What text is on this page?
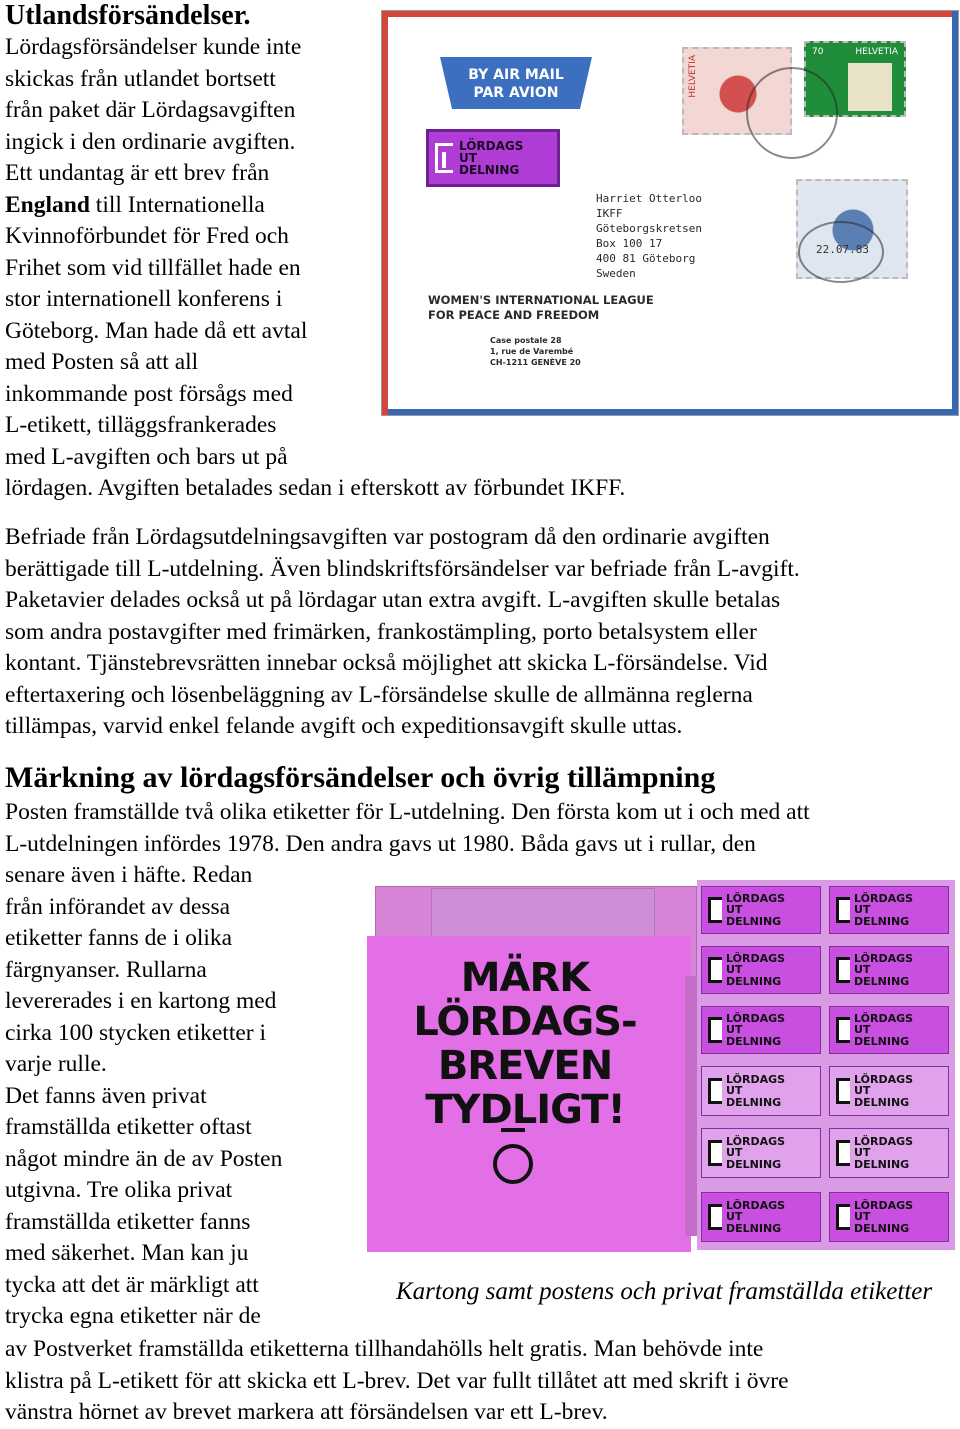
Utlandsförsändelser.
Lördagsförsändelser kunde inte
skickas från utlandet bortsett
från paket där Lördagsavgiften
ingick i den ordinarie avgiften.
Ett undantag är ett brev från
England till Internationella
Kvinnoförbundet för Fred och
Frihet som vid tillfället hade en
stor internationell konferens i
Göteborg. Man hade då ett avtal
med Posten så att all
inkommande post försågs med
L-etikett, tilläggsfrankerades
med L-avgiften och bars ut på
lördagen. Avgiften betalades sedan i efterskott av förbundet IKFF.
BY AIR MAIL
PAR AVION
LÖRDAGS
UT
DELNING
HELVETIA
70	HELVETIA
22.07.83
Harriet Otterloo
IKFF
Göteborgskretsen
Box 100 17
400 81 Göteborg
Sweden
WOMEN'S INTERNATIONAL LEAGUE
FOR PEACE AND FREEDOM
Case postale 28
1, rue de Varembé
CH-1211 GENÈVE 20
Befriade från Lördagsutdelningsavgiften var postogram då den ordinarie avgiften
berättigade till L-utdelning. Även blindskriftsförsändelser var befriade från L-avgift.
Paketavier delades också ut på lördagar utan extra avgift. L-avgiften skulle betalas
som andra postavgifter med frimärken, frankostämpling, porto betalsystem eller
kontant. Tjänstebrevsrätten innebar också möjlighet att skicka L-försändelse. Vid
eftertaxering och lösenbeläggning av L-försändelse skulle de allmänna reglerna
tillämpas, varvid enkel felande avgift och expeditionsavgift skulle uttas.
Märkning av lördagsförsändelser och övrig tillämpning
Posten framställde två olika etiketter för L-utdelning. Den första kom ut i och med att
L-utdelningen infördes 1978. Den andra gavs ut 1980. Båda gavs ut i rullar, den
senare även i häfte. Redan
från införandet av dessa
etiketter fanns de i olika
färgnyanser. Rullarna
levererades i en kartong med
cirka 100 stycken etiketter i
varje rulle.
Det fanns även privat
framställda etiketter oftast
något mindre än de av Posten
utgivna. Tre olika privat
framställda etiketter fanns
med säkerhet. Man kan ju
tycka att det är märkligt att
trycka egna etiketter när de
MÄRK
LÖRDAGS-
BREVEN
TYDLIGT!
LÖRDAGS
UT
DELNING
LÖRDAGS
UT
DELNING
LÖRDAGS
UT
DELNING
LÖRDAGS
UT
DELNING
LÖRDAGS
UT
DELNING
LÖRDAGS
UT
DELNING
LÖRDAGS
UT
DELNING
LÖRDAGS
UT
DELNING
LÖRDAGS
UT
DELNING
LÖRDAGS
UT
DELNING
LÖRDAGS
UT
DELNING
LÖRDAGS
UT
DELNING
Kartong samt postens och privat framställda etiketter
av Postverket framställda etiketterna tillhandahölls helt gratis. Man behövde inte
klistra på L-etikett för att skicka ett L-brev. Det var fullt tillåtet att med skrift i övre
vänstra hörnet av brevet markera att försändelsen var ett L-brev.
